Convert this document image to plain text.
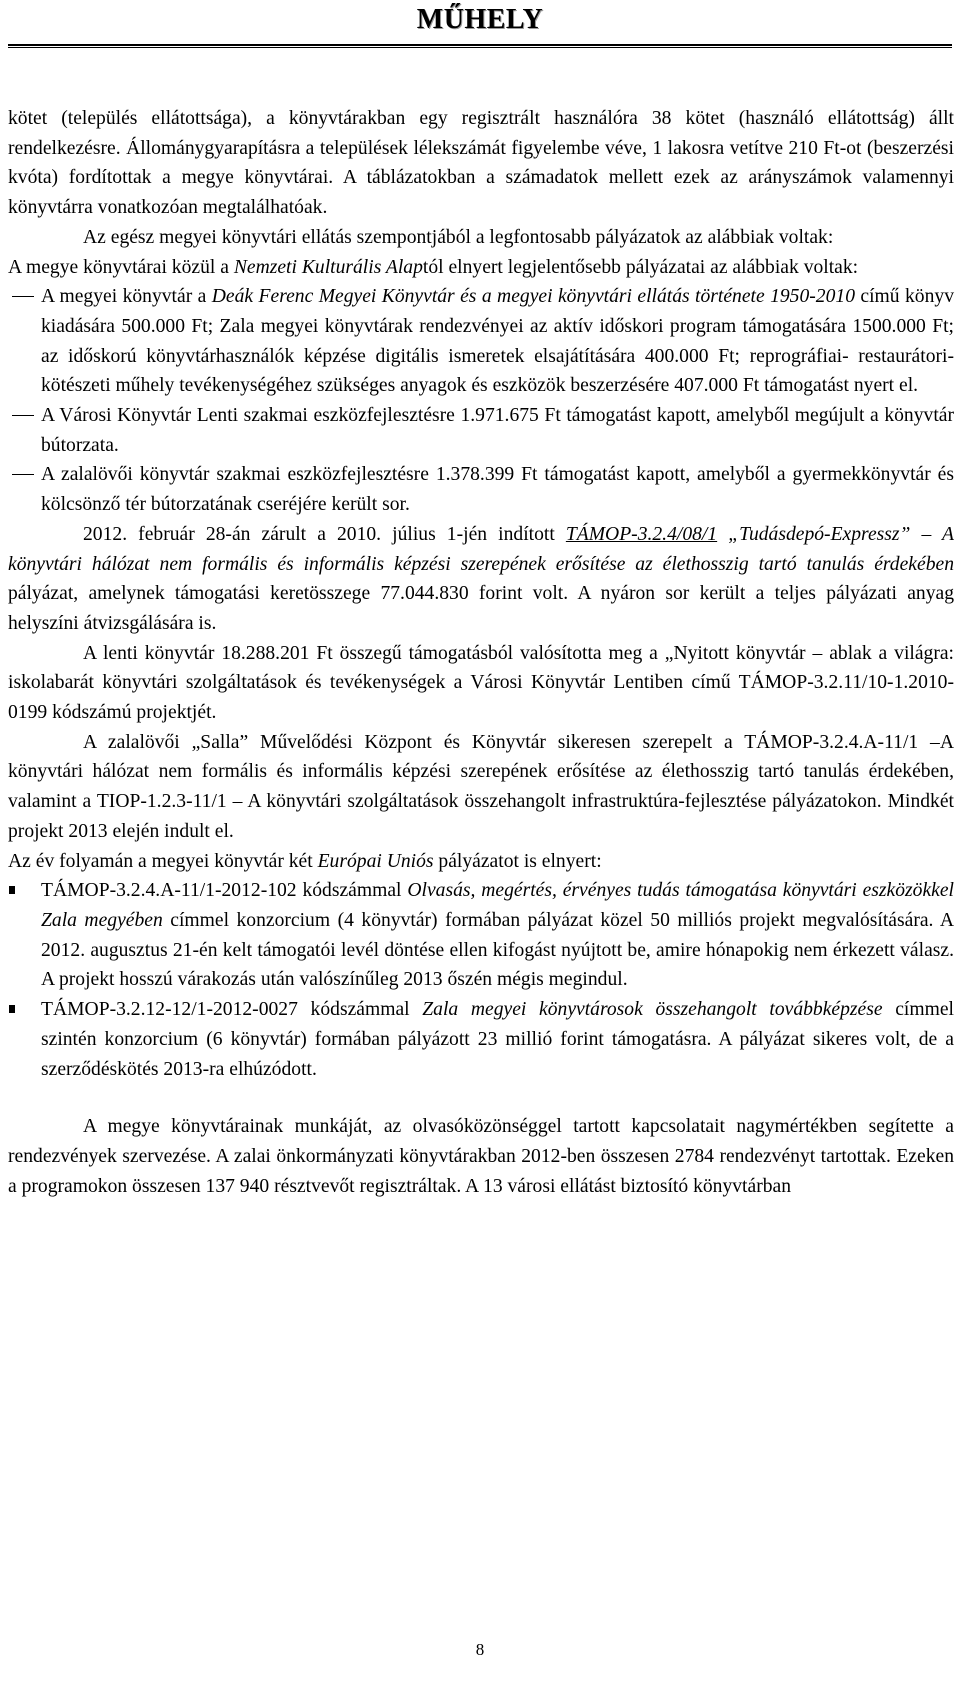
MŰHELY

kötet (település ellátottsága), a könyvtárakban egy regisztrált használóra 38 kötet (használó ellátottság) állt rendelkezésre. Állománygyarapításra a települések lélekszámát figyelembe véve, 1 lakosra vetítve 210 Ft-ot (beszerzési kvóta) fordítottak a megye könyvtárai. A táblázatokban a számadatok mellett ezek az arányszámok valamennyi könyvtárra vonatkozóan megtalálhatóak.

Az egész megyei könyvtári ellátás szempontjából a legfontosabb pályázatok az alábbiak voltak:

A megye könyvtárai közül a Nemzeti Kulturális Alaptól elnyert legjelentősebb pályázatai az alábbiak voltak:

A megyei könyvtár a Deák Ferenc Megyei Könyvtár és a megyei könyvtári ellátás története 1950-2010 című könyv kiadására 500.000 Ft; Zala megyei könyvtárak rendezvényei az aktív időskori program támogatására 1500.000 Ft; az időskorú könyvtárhasználók képzése digitális ismeretek elsajátítására 400.000 Ft; reprográfiai- restaurátori-kötészeti műhely tevékenységéhez szükséges anyagok és eszközök beszerzésére 407.000 Ft támogatást nyert el.
A Városi Könyvtár Lenti szakmai eszközfejlesztésre 1.971.675 Ft támogatást kapott, amelyből megújult a könyvtár bútorzata.
A zalalövői könyvtár szakmai eszközfejlesztésre 1.378.399 Ft támogatást kapott, amelyből a gyermekkönyvtár és kölcsönző tér bútorzatának cseréjére került sor.

2012. február 28-án zárult a 2010. július 1-jén indított TÁMOP-3.2.4/08/1 „Tudásdepó-Expressz” – A könyvtári hálózat nem formális és informális képzési szerepének erősítése az élethosszig tartó tanulás érdekében pályázat, amelynek támogatási keretösszege 77.044.830 forint volt. A nyáron sor került a teljes pályázati anyag helyszíni átvizsgálására is.

A lenti könyvtár 18.288.201 Ft összegű támogatásból valósította meg a „Nyitott könyvtár – ablak a világra: iskolabarát könyvtári szolgáltatások és tevékenységek a Városi Könyvtár Lentiben című TÁMOP-3.2.11/10-1.2010-0199 kódszámú projektjét.

A zalalövői „Salla” Művelődési Központ és Könyvtár sikeresen szerepelt a TÁMOP-3.2.4.A-11/1 –A könyvtári hálózat nem formális és informális képzési szerepének erősítése az élethosszig tartó tanulás érdekében, valamint a TIOP-1.2.3-11/1 – A könyvtári szolgáltatások összehangolt infrastruktúra-fejlesztése pályázatokon. Mindkét projekt 2013 elején indult el.

Az év folyamán a megyei könyvtár két Európai Uniós pályázatot is elnyert:

TÁMOP-3.2.4.A-11/1-2012-102 kódszámmal Olvasás, megértés, érvényes tudás támogatása könyvtári eszközökkel Zala megyében címmel konzorcium (4 könyvtár) formában pályázat közel 50 milliós projekt megvalósítására. A 2012. augusztus 21-én kelt támogatói levél döntése ellen kifogást nyújtott be, amire hónapokig nem érkezett válasz. A projekt hosszú várakozás után valószínűleg 2013 őszén mégis megindul.
TÁMOP-3.2.12-12/1-2012-0027 kódszámmal Zala megyei könyvtárosok összehangolt továbbképzése címmel szintén konzorcium (6 könyvtár) formában pályázott 23 millió forint támogatásra. A pályázat sikeres volt, de a szerződéskötés 2013-ra elhúzódott.

A megye könyvtárainak munkáját, az olvasóközönséggel tartott kapcsolatait nagymértékben segítette a rendezvények szervezése. A zalai önkormányzati könyvtárakban 2012-ben összesen 2784 rendezvényt tartottak. Ezeken a programokon összesen 137 940 résztvevőt regisztráltak. A 13 városi ellátást biztosító könyvtárban

8
